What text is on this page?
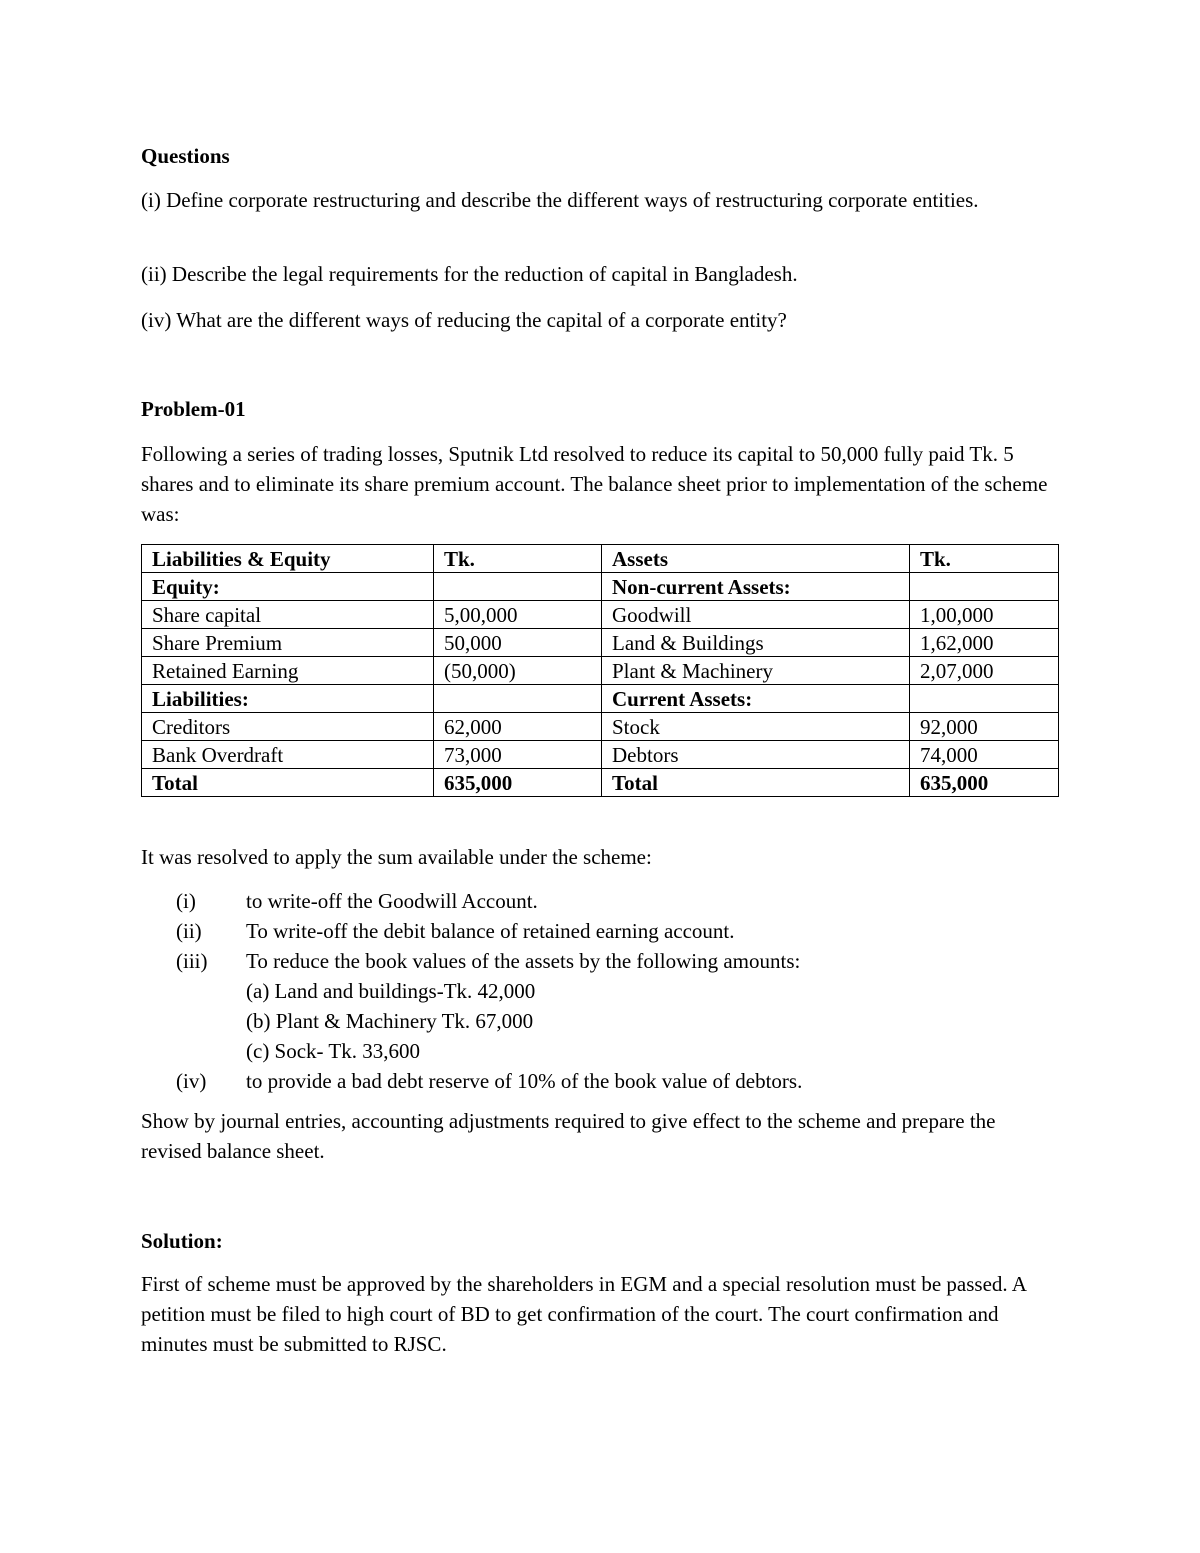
Questions

(i) Define corporate restructuring and describe the different ways of restructuring corporate entities.

(ii) Describe the legal requirements for the reduction of capital in Bangladesh.

(iv) What are the different ways of reducing the capital of a corporate entity?

Problem-01

Following a series of trading losses, Sputnik Ltd resolved to reduce its capital to 50,000 fully paid Tk. 5 shares and to eliminate its share premium account. The balance sheet prior to implementation of the scheme was:

Liabilities & Equity	Tk.	Assets	Tk.
Equity:		Non-current Assets:	
Share capital	5,00,000	Goodwill	1,00,000
Share Premium	50,000	Land & Buildings	1,62,000
Retained Earning	(50,000)	Plant & Machinery	2,07,000
Liabilities:		Current Assets:	
Creditors	62,000	Stock	92,000
Bank Overdraft	73,000	Debtors	74,000
Total	635,000	Total	635,000

It was resolved to apply the sum available under the scheme:

(i) to write-off the Goodwill Account.
(ii) To write-off the debit balance of retained earning account.
(iii) To reduce the book values of the assets by the following amounts:
(a) Land and buildings-Tk. 42,000
(b) Plant & Machinery Tk. 67,000
(c) Sock- Tk. 33,600
(iv) to provide a bad debt reserve of 10% of the book value of debtors.

Show by journal entries, accounting adjustments required to give effect to the scheme and prepare the revised balance sheet.

Solution:

First of scheme must be approved by the shareholders in EGM and a special resolution must be passed. A petition must be filed to high court of BD to get confirmation of the court. The court confirmation and minutes must be submitted to RJSC.
